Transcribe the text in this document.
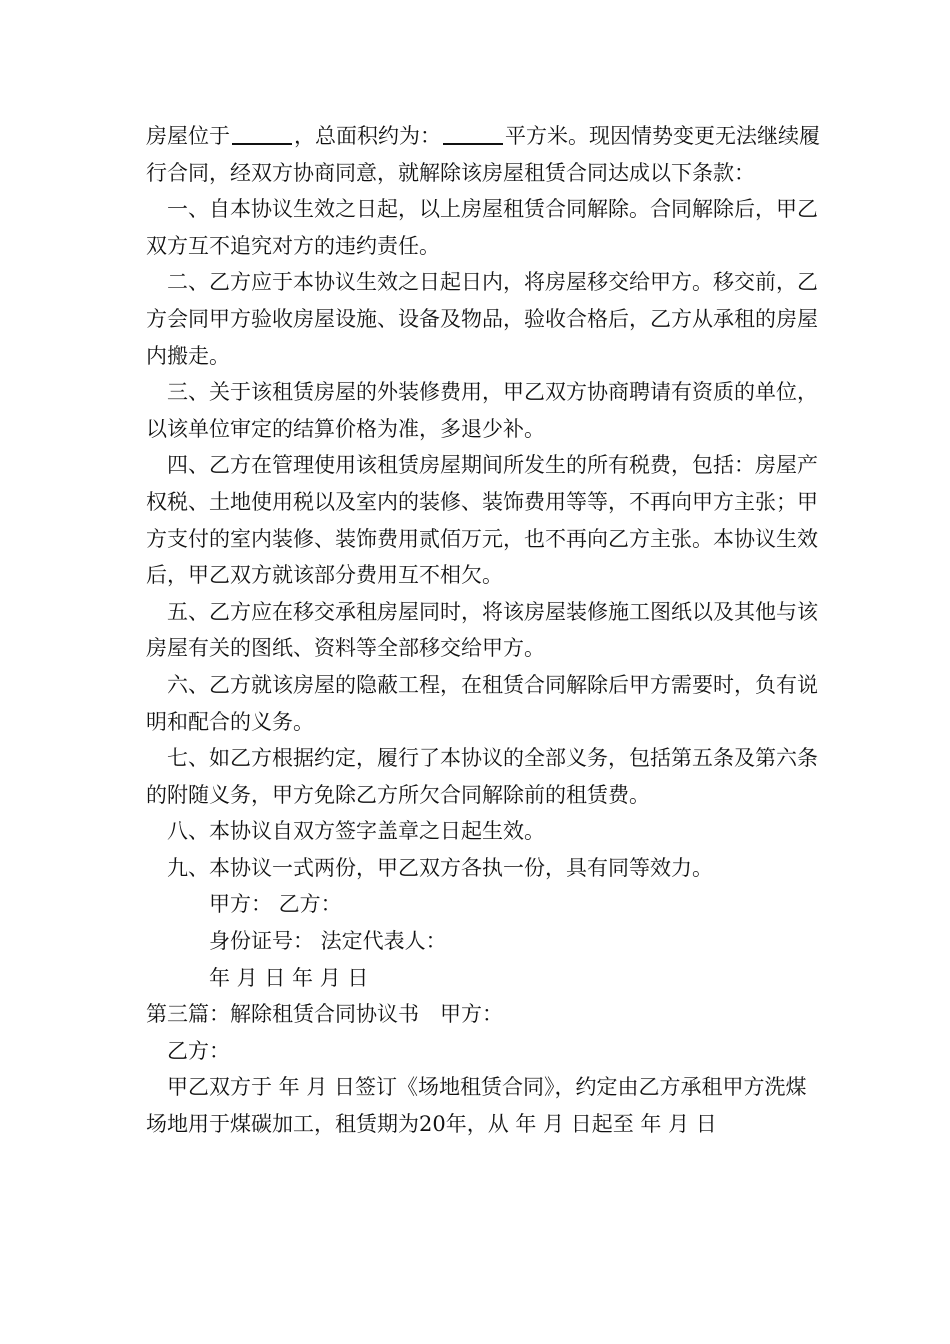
房屋位于	，总面积约为：	平方米。现因情势变更无法继续履行合同，经双方协商同意，就解除该房屋租赁合同达成以下条款：

一、自本协议生效之日起，以上房屋租赁合同解除。合同解除后，甲乙双方互不追究对方的违约责任。

二、乙方应于本协议生效之日起日内，将房屋移交给甲方。移交前，乙方会同甲方验收房屋设施、设备及物品，验收合格后，乙方从承租的房屋内搬走。

三、关于该租赁房屋的外装修费用，甲乙双方协商聘请有资质的单位，以该单位审定的结算价格为准，多退少补。

四、乙方在管理使用该租赁房屋期间所发生的所有税费，包括：房屋产权税、土地使用税以及室内的装修、装饰费用等等，不再向甲方主张；甲方支付的室内装修、装饰费用贰佰万元，也不再向乙方主张。本协议生效后，甲乙双方就该部分费用互不相欠。

五、乙方应在移交承租房屋同时，将该房屋装修施工图纸以及其他与该房屋有关的图纸、资料等全部移交给甲方。

六、乙方就该房屋的隐蔽工程，在租赁合同解除后甲方需要时，负有说明和配合的义务。

七、如乙方根据约定，履行了本协议的全部义务，包括第五条及第六条的附随义务，甲方免除乙方所欠合同解除前的租赁费。

八、本协议自双方签字盖章之日起生效。

九、本协议一式两份，甲乙双方各执一份，具有同等效力。

甲方： 乙方：

身份证号： 法定代表人：

年 月 日 年 月 日

第三篇：解除租赁合同协议书　甲方：

乙方：

甲乙双方于 年 月 日签订《场地租赁合同》，约定由乙方承租甲方洗煤场地用于煤碳加工，租赁期为20年，从 年 月 日起至 年 月 日
